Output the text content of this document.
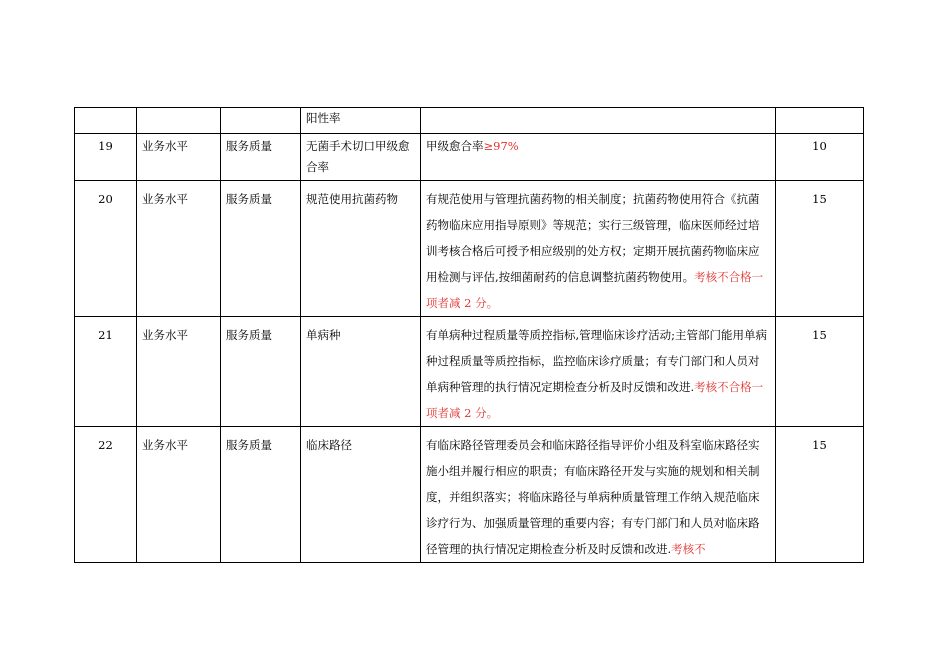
			阳性率		
19	业务水平	服务质量	无菌手术切口甲级愈合率	甲级愈合率≥97%	10
20	业务水平	服务质量	规范使用抗菌药物	有规范使用与管理抗菌药物的相关制度；抗菌药物使用符合《抗菌药物临床应用指导原则》等规范；实行三级管理，临床医师经过培训考核合格后可授予相应级别的处方权；定期开展抗菌药物临床应用检测与评估,按细菌耐药的信息调整抗菌药物使用。考核不合格一项者减 2 分。	15
21	业务水平	服务质量	单病种	有单病种过程质量等质控指标,管理临床诊疗活动;主管部门能用单病种过程质量等质控指标，监控临床诊疗质量；有专门部门和人员对单病种管理的执行情况定期检查分析及时反馈和改进.考核不合格一项者减 2 分。	15
22	业务水平	服务质量	临床路径	有临床路径管理委员会和临床路径指导评价小组及科室临床路径实施小组并履行相应的职责；有临床路径开发与实施的规划和相关制度，并组织落实；将临床路径与单病种质量管理工作纳入规范临床诊疗行为、加强质量管理的重要内容；有专门部门和人员对临床路径管理的执行情况定期检查分析及时反馈和改进.考核不	15
